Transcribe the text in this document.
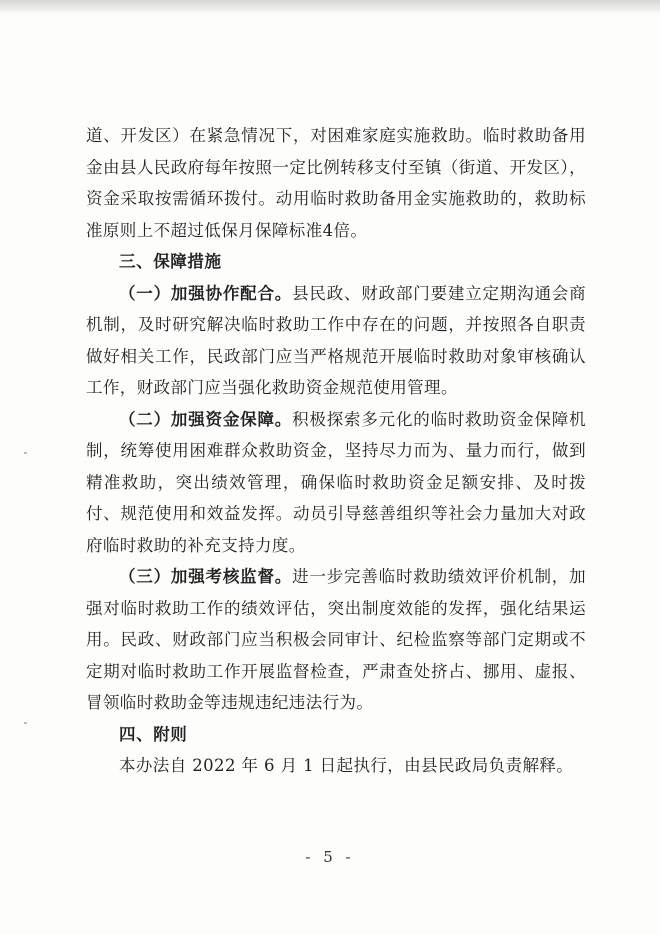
道、开发区）在紧急情况下，对困难家庭实施救助。临时救助备用金由县人民政府每年按照一定比例转移支付至镇（街道、开发区），资金采取按需循环拨付。动用临时救助备用金实施救助的，救助标准原则上不超过低保月保障标准4倍。

三、保障措施

（一）加强协作配合。县民政、财政部门要建立定期沟通会商机制，及时研究解决临时救助工作中存在的问题，并按照各自职责做好相关工作，民政部门应当严格规范开展临时救助对象审核确认工作，财政部门应当强化救助资金规范使用管理。

（二）加强资金保障。积极探索多元化的临时救助资金保障机制，统筹使用困难群众救助资金，坚持尽力而为、量力而行，做到精准救助，突出绩效管理，确保临时救助资金足额安排、及时拨付、规范使用和效益发挥。动员引导慈善组织等社会力量加大对政府临时救助的补充支持力度。

（三）加强考核监督。进一步完善临时救助绩效评价机制，加强对临时救助工作的绩效评估，突出制度效能的发挥，强化结果运用。民政、财政部门应当积极会同审计、纪检监察等部门定期或不定期对临时救助工作开展监督检查，严肃查处挤占、挪用、虚报、冒领临时救助金等违规违纪违法行为。

四、附则

本办法自 2022 年 6 月 1 日起执行，由县民政局负责解释。

- 5 -
